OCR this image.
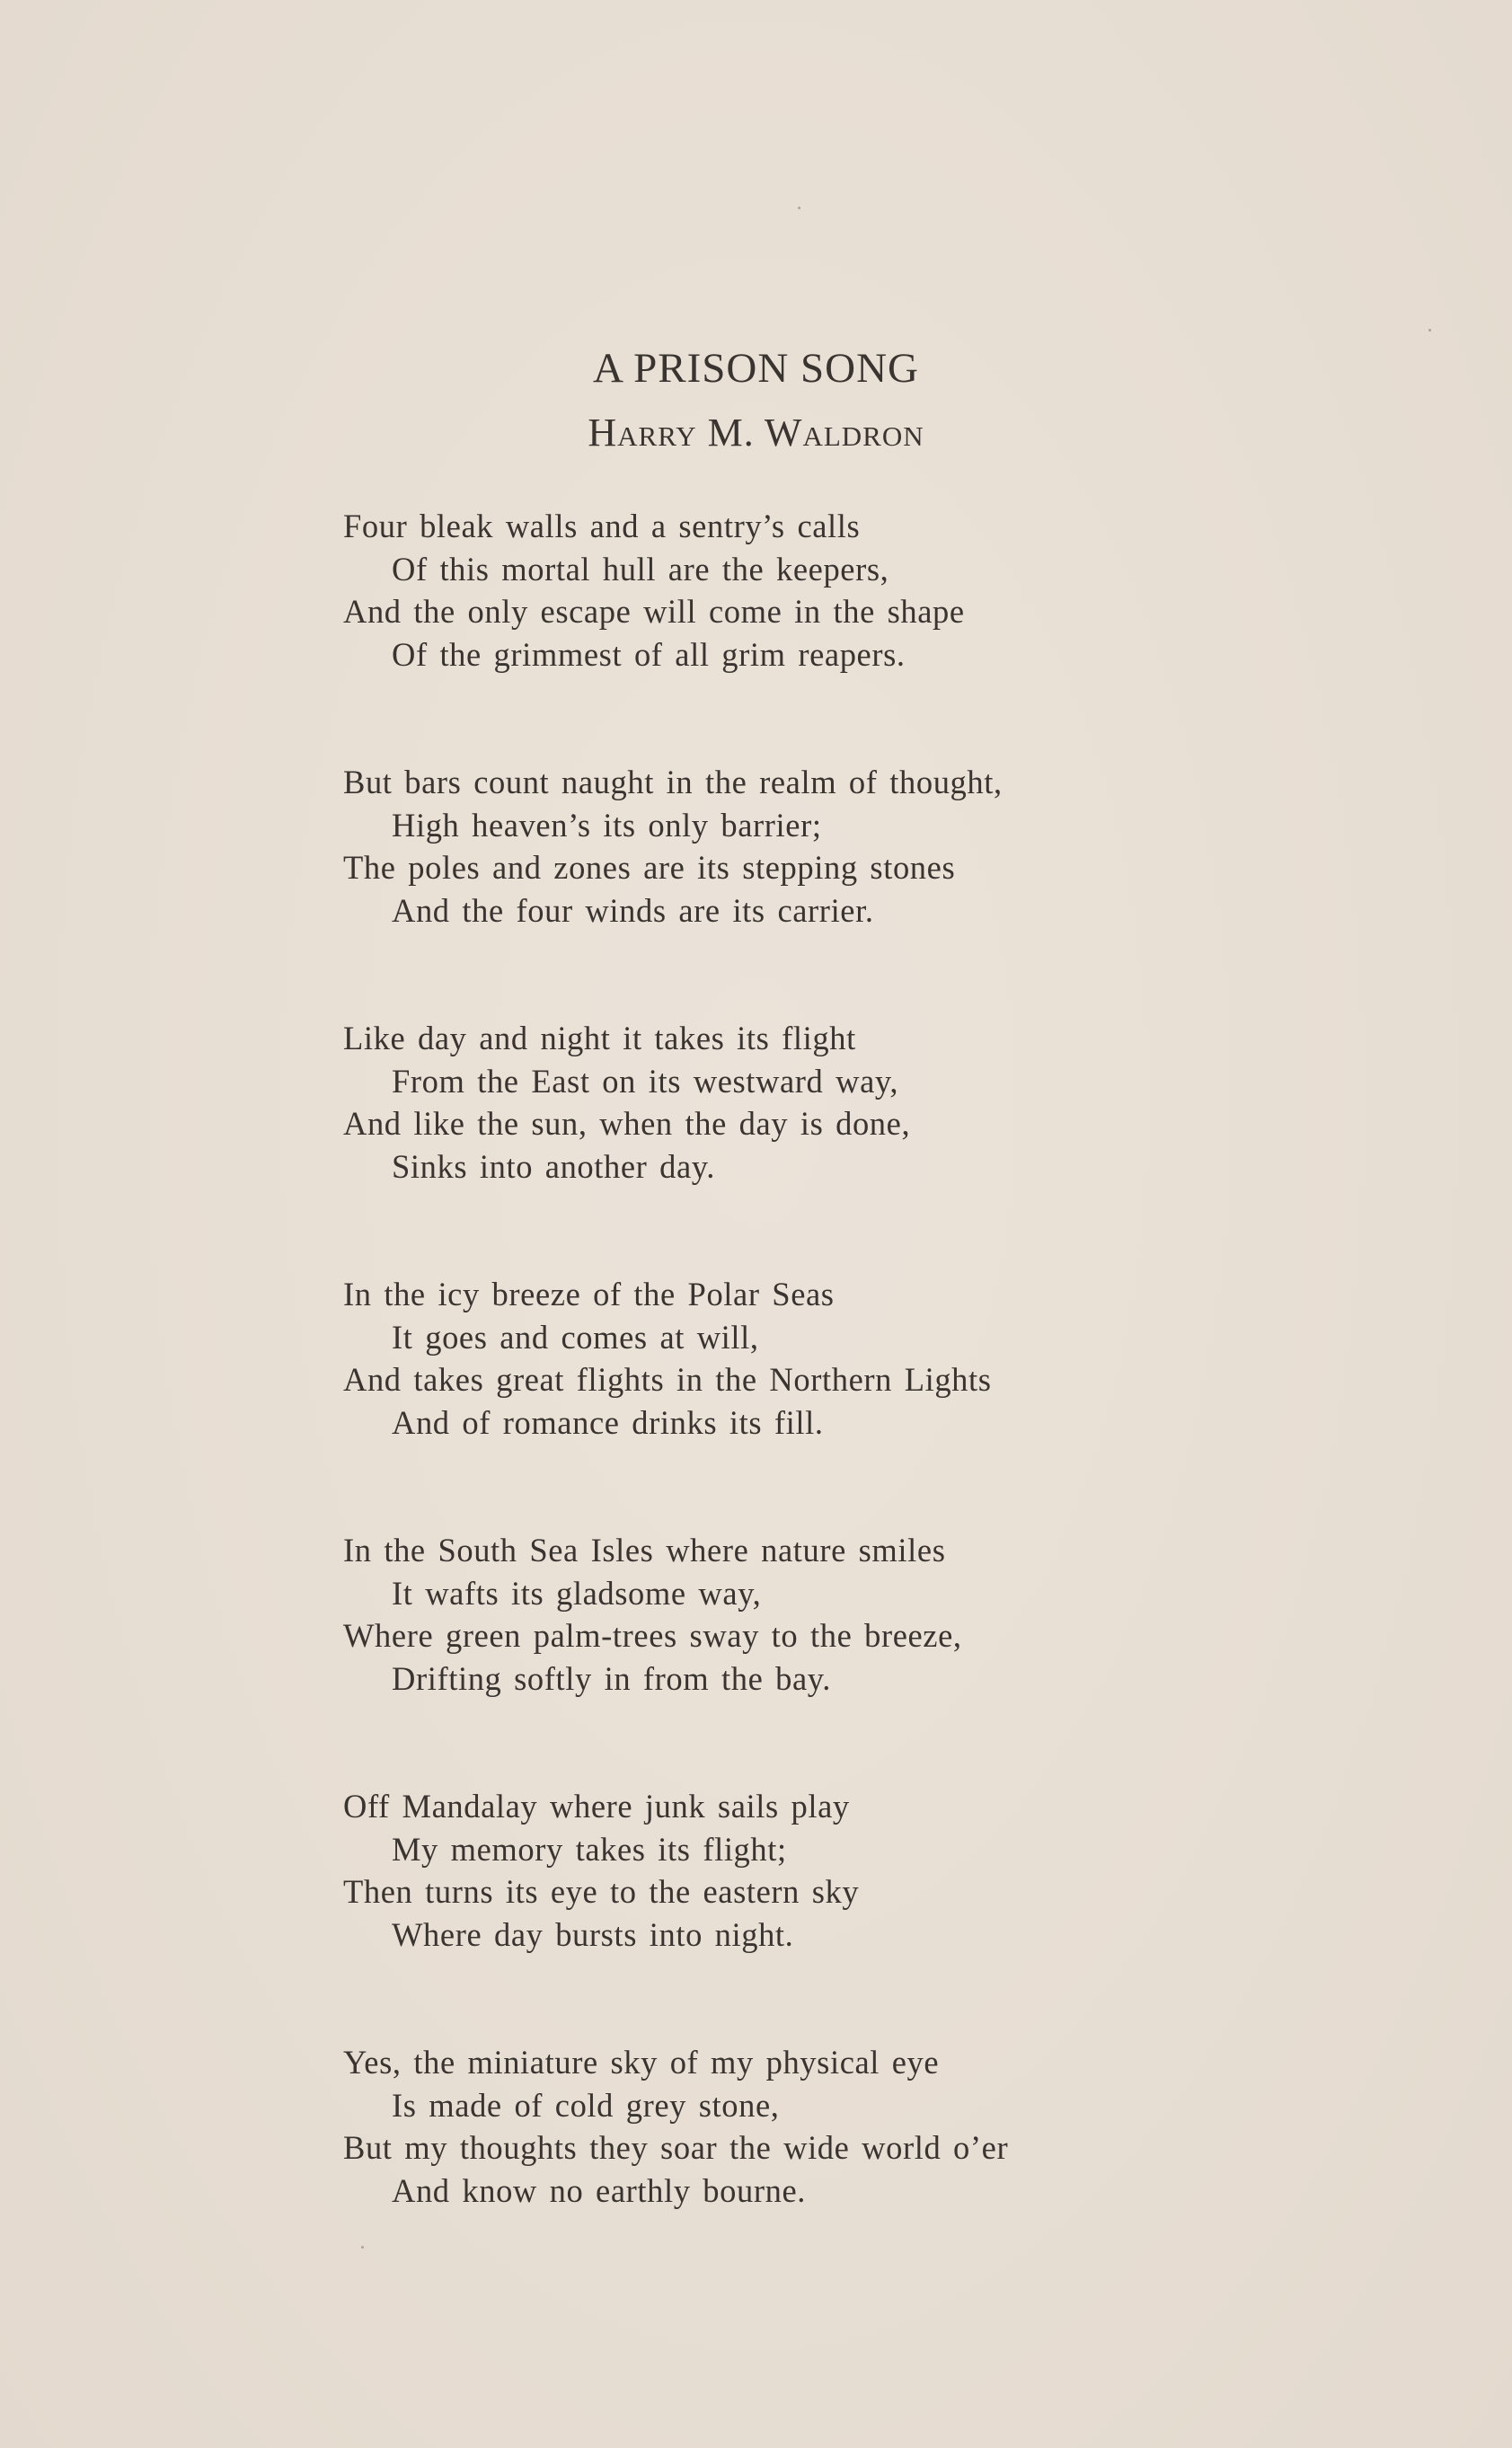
A PRISON SONG
Harry M. Waldron
Four bleak walls and a sentry’s calls
Of this mortal hull are the keepers,
And the only escape will come in the shape
Of the grimmest of all grim reapers.
But bars count naught in the realm of thought,
High heaven’s its only barrier;
The poles and zones are its stepping stones
And the four winds are its carrier.
Like day and night it takes its flight
From the East on its westward way,
And like the sun, when the day is done,
Sinks into another day.
In the icy breeze of the Polar Seas
It goes and comes at will,
And takes great flights in the Northern Lights
And of romance drinks its fill.
In the South Sea Isles where nature smiles
It wafts its gladsome way,
Where green palm-trees sway to the breeze,
Drifting softly in from the bay.
Off Mandalay where junk sails play
My memory takes its flight;
Then turns its eye to the eastern sky
Where day bursts into night.
Yes, the miniature sky of my physical eye
Is made of cold grey stone,
But my thoughts they soar the wide world o’er
And know no earthly bourne.
